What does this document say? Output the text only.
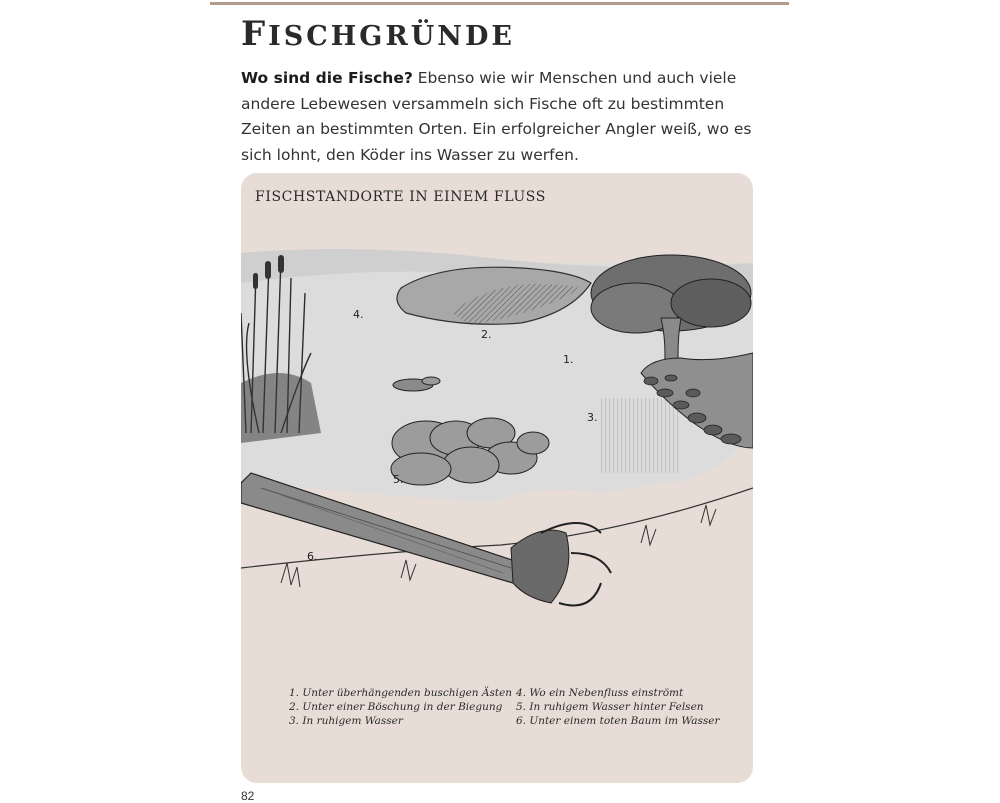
FISCHGRÜNDE

Wo sind die Fische? Ebenso wie wir Menschen und auch viele andere Lebewesen versammeln sich Fische oft zu bestimmten Zeiten an bestimmten Orten. Ein erfolgreicher Angler weiß, wo es sich lohnt, den Köder ins Wasser zu werfen.

FISCHSTANDORTE IN EINEM FLUSS
4.
2.
1.
3.
5.
6.
1. Unter überhängenden buschigen Ästen
2. Unter einer Böschung in der Biegung
3. In ruhigem Wasser
4. Wo ein Nebenfluss einströmt
5. In ruhigem Wasser hinter Felsen
6. Unter einem toten Baum im Wasser
82
